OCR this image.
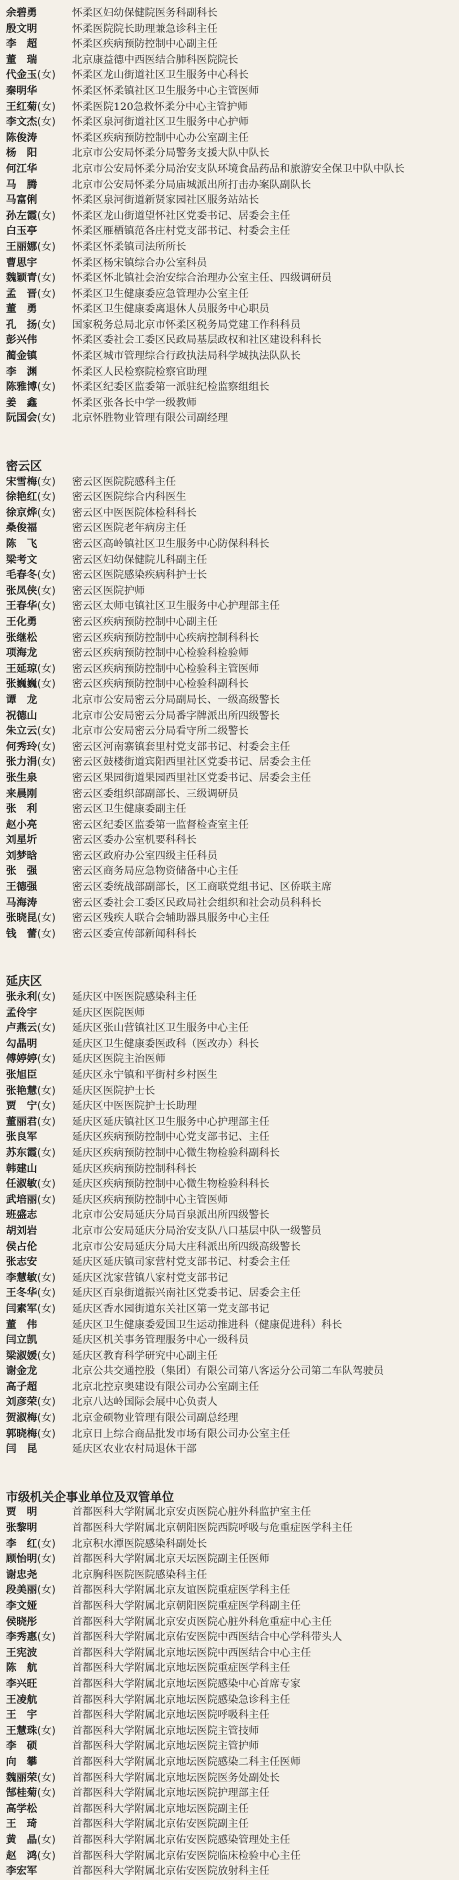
余碧勇	怀柔区妇幼保健院医务科副科长
殷文明	怀柔医院院长助理兼急诊科主任
李　超	怀柔区疾病预防控制中心副主任
董　瑞	北京康益德中西医结合肺科医院院长
代金玉(女)	怀柔区龙山街道社区卫生服务中心科长
秦明华	怀柔区怀柔镇社区卫生服务中心主管医师
王红菊(女)	怀柔医院120急救怀柔分中心主管护师
李文杰(女)	怀柔区泉河街道社区卫生服务中心护师
陈俊涛	怀柔区疾病预防控制中心办公室副主任
杨　阳	北京市公安局怀柔分局警务支援大队中队长
何江华	北京市公安局怀柔分局治安支队环境食品药品和旅游安全保卫中队中队长
马　腾	北京市公安局怀柔分局庙城派出所打击办案队副队长
马富俐	怀柔区泉河街道新贤家园社区服务站站长
孙左霞(女)	怀柔区龙山街道望怀社区党委书记、居委会主任
白玉亭	怀柔区雁栖镇范各庄村党支部书记、村委会主任
王丽娜(女)	怀柔区怀柔镇司法所所长
曹思宇	怀柔区杨宋镇综合办公室科员
魏颖青(女)	怀柔区怀北镇社会治安综合治理办公室主任、四级调研员
孟　晋(女)	怀柔区卫生健康委应急管理办公室主任
董　勇	怀柔区卫生健康委离退休人员服务中心职员
孔　扬(女)	国家税务总局北京市怀柔区税务局党建工作科科员
彭兴伟	怀柔区委社会工委区民政局基层政权和社区建设科科长
蔺金镇	怀柔区城市管理综合行政执法局科学城执法队队长
李　渊	怀柔区人民检察院检察官助理
陈雅博(女)	怀柔区纪委区监委第一派驻纪检监察组组长
姜　鑫	怀柔区张各长中学一级教师
阮国会(女)	北京怀胜物业管理有限公司副经理
密云区
宋雪梅(女)	密云区医院院感科主任
徐艳红(女)	密云区医院综合内科医生
徐京烨(女)	密云区中医医院体检科科长
桑俊福	密云区医院老年病房主任
陈　飞	密云区高岭镇社区卫生服务中心防保科科长
梁考文	密云区妇幼保健院儿科副主任
毛春冬(女)	密云区医院感染疾病科护士长
张凤侠(女)	密云区医院护师
王春华(女)	密云区太师屯镇社区卫生服务中心护理部主任
王化勇	密云区疾病预防控制中心副主任
张继松	密云区疾病预防控制中心疾病控制科科长
项海龙	密云区疾病预防控制中心检验科检验师
王延琼(女)	密云区疾病预防控制中心检验科主管医师
张巍巍(女)	密云区疾病预防控制中心检验科副科长
谭　龙	北京市公安局密云分局副局长、一级高级警长
祝德山	北京市公安局密云分局番字牌派出所四级警长
朱立云(女)	北京市公安局密云分局看守所二级警长
何秀玲(女)	密云区河南寨镇套里村党支部书记、村委会主任
张力涓(女)	密云区鼓楼街道宾阳西里社区党委书记、居委会主任
张生泉	密云区果园街道果园西里社区党委书记、居委会主任
来晨刚	密云区委组织部副部长、三级调研员
张　利	密云区卫生健康委副主任
赵小亮	密云区纪委区监委第一监督检查室主任
刘星圻	密云区委办公室机要科科长
刘梦晗	密云区政府办公室四级主任科员
张　强	密云区商务局应急物资储备中心主任
王德强	密云区委统战部副部长，区工商联党组书记、区侨联主席
马海涛	密云区委社会工委区民政局社会组织和社会动员科科长
张晓昆(女)	密云区残疾人联合会辅助器具服务中心主任
钱　蕾(女)	密云区委宣传部新闻科科长
延庆区
张永利(女)	延庆区中医医院感染科主任
孟伶宇	延庆区医院医师
卢燕云(女)	延庆区张山营镇社区卫生服务中心主任
勾晶明	延庆区卫生健康委医政科（医改办）科长
傅婷婷(女)	延庆区医院主治医师
张旭臣	延庆区永宁镇和平街村乡村医生
张艳慧(女)	延庆区医院护士长
贾　宁(女)	延庆区中医医院护士长助理
董丽君(女)	延庆区延庆镇社区卫生服务中心护理部主任
张良军	延庆区疾病预防控制中心党支部书记、主任
苏东霞(女)	延庆区疾病预防控制中心微生物检验科副科长
韩建山	延庆区疾病预防控制科科长
任淑敏(女)	延庆区疾病预防控制中心微生物检验科科长
武培丽(女)	延庆区疾病预防控制中心主管医师
班盛志	北京市公安局延庆分局百泉派出所四级警长
胡刘岩	北京市公安局延庆分局治安支队八口基层中队一级警员
侯占伦	北京市公安局延庆分局大庄科派出所四级高级警长
张志安	延庆区延庆镇司家营村党支部书记、村委会主任
李慧敏(女)	延庆区沈家营镇八家村党支部书记
王冬华(女)	延庆区百泉街道振兴南社区党委书记、居委会主任
闫素军(女)	延庆区香水园街道东关社区第一党支部书记
董　伟	延庆区卫生健康委爱国卫生运动推进科（健康促进科）科长
闫立凯	延庆区机关事务管理服务中心一级科员
梁淑媛(女)	延庆区教育科学研究中心副主任
谢金龙	北京公共交通控股（集团）有限公司第八客运分公司第二车队驾驶员
高子超	北京北控京奥建设有限公司办公室副主任
刘彦荣(女)	北京八达岭国际会展中心负责人
贺淑梅(女)	北京金硕物业管理有限公司副总经理
郭晓梅(女)	北京日上综合商品批发市场有限公司办公室主任
闫　昆	延庆区农业农村局退休干部
市级机关企事业单位及双管单位
贾　明	首都医科大学附属北京安贞医院心脏外科监护室主任
张黎明	首都医科大学附属北京朝阳医院西院呼吸与危重症医学科主任
李　红(女)	北京积水潭医院感染科副处长
顾怡明(女)	首都医科大学附属北京天坛医院副主任医师
谢忠尧	北京胸科医院医院感染科主任
段美丽(女)	首都医科大学附属北京友谊医院重症医学科主任
李文娅	首都医科大学附属北京朝阳医院重症医学科副主任
侯晓彤	首都医科大学附属北京安贞医院心脏外科危重症中心主任
李秀惠(女)	首都医科大学附属北京佑安医院中西医结合中心学科带头人
王宪波	首都医科大学附属北京地坛医院中西医结合中心主任
陈　航	首都医科大学附属北京地坛医院重症医学科主任
李兴旺	首都医科大学附属北京地坛医院感染中心首席专家
王凌航	首都医科大学附属北京地坛医院感染急诊科主任
王　宇	首都医科大学附属北京地坛医院呼吸科主任
王慧珠(女)	首都医科大学附属北京地坛医院主管技师
李　硕	首都医科大学附属北京地坛医院主管护师
向　攀	首都医科大学附属北京地坛医院感染二科主任医师
魏丽荣(女)	首都医科大学附属北京地坛医院医务处副处长
郜桂菊(女)	首都医科大学附属北京地坛医院护理部主任
高学松	首都医科大学附属北京地坛医院副主任
王　琦	首都医科大学附属北京佑安医院副主任
黄　晶(女)	首都医科大学附属北京佑安医院感染管理处主任
赵　鸿(女)	首都医科大学附属北京佑安医院临床检验中心主任
李宏军	首都医科大学附属北京佑安医院放射科主任
